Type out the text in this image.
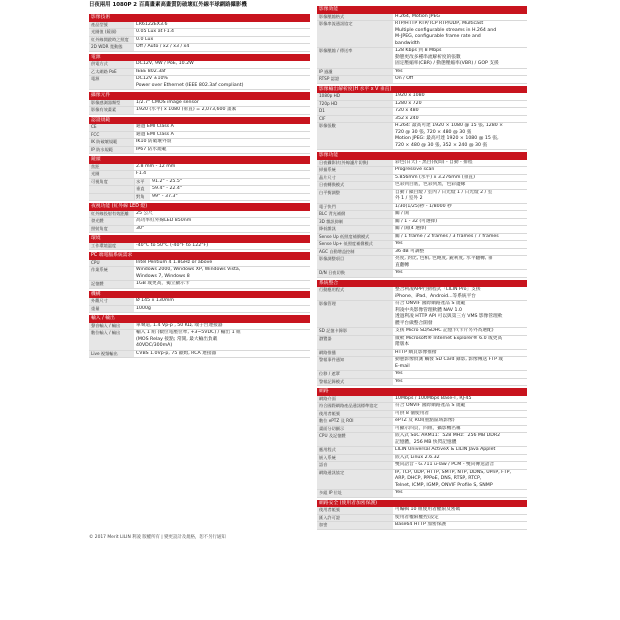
日夜兩用 1080P 2 百萬畫素高畫質防破壞紅外線半球網路攝影機
影像技術
產品型號	LR6122EX3.6
光圈值 (鏡頭)	0.05 Lux at F1.4
紅外線開啟時之照度	0.0 Lux
2D WDR 寬動態	Off / Auto / x2 / x3 / x4
電源
供電方式	DC12V, 9W / PoE, 10.2W
乙太網路 PoE	IEEE 802.3af
電源	DC12V ±10%
Power over Ethernet (IEEE 802.3af compliant)
攝像元件
影像感測器類型	1/2.7" CMOS image sensor
影像有效畫素	1920 (水平) x 1080 (垂直) = 2,073,600 畫素
認證規範
CE	通過 EMI Class A
FCC	通過 EMI Class A
IK 防破壞規範	IK10 防破壞外殼
IP 防水規範	IP67 防水規範
鏡頭
焦距	2.8 mm - 12 mm
光圈	F1.4
可視角度	水平	91.2° - 25.5°
垂直	59.4° - 22.4°
對角	99° - 37.3°
夜視功能 (紅外線 LED 燈)
紅外線投射有效距離	25 公尺
發光體	高功率紅外線LED 850nm
照射角度	30°
環境
工作環境溫度	-40°C to 50°C (-40°F to 122°F)
PC 端電腦系統需求
CPU	Intel Pentium 4 1.8GHz or above
作業系統	Windows 2000, Windows XP, Windows Vista,
Windows 7, Windows 8
記憶體	1GB 或更高，獨立顯示卡
機構
外觀尺寸	Ø 145 x 130mm
重量	1000g
輸入 / 輸出
聲音輸入 / 輸出	單聲道, 1.4 Vp-p , 50 KΩ, 端子台連接器
數位輸入 / 輸出	輸入 1 組 (數位電壓位準, +3~5VDC) / 輸出 1 組
(MOS Relay 接點; 常開, 最大輸出負載
40VDC/300mA)
Live 視頻輸出	CVBS 1.0Vp-p, 75 歐姆, RCA 連接器
影像效能
影像壓縮格式	H.264, Motion JPEG
影像串流通訊協定	RTP/HTTP RTP/TCP RTP/UDP, Multicast
Multiple configurable streams in H.264 and
M-JPEG, configurable frame rate and
bandwidth
影像壓縮 / 傳送率	128 Kbps 到 8 Mbps
動態更改多種串流解析度的張數
固定壓縮率(CBR) / 動態壓縮率(VBR) / GOP 支援
IP 過濾	Yes
RTSP 認證	On / Off
影像輸出解析度(H 水平 x V 垂直)
1080p HD	1920 x 1080
720p HD	1280 x 720
D1	720 x 480
CIF	352 x 240
影像張數	H.264: 最高可達 1920 × 1080 @ 15 張, 1280 ×
720 @ 30 張, 720 × 480 @ 30 張
Motion JPEG: 最高可達 1920 × 1080 @ 15 張,
720 × 480 @ 30 張, 352 × 240 @ 30 張
影像功能
日夜攝影(紅外線濾片切換)	彩色(日天) - 黑白(夜間) - 自動 - 排程
掃描系統	Progressive scan
晶片尺寸	5.856mm (水平) x 3.276mm (垂直)
日夜轉換模式	色彩到白底，色彩到黑，色彩邊緣
白平衡調整	自動 / 鎖白燈 / 室內 / 日光燈 1 / 日光燈 2 / 室
外 1 / 室外 2
電子快門	1/30(1/25)秒 - 1/8000 秒
BLC 背光補償	關 / 開
3D 雜訊抑制	關 / 1 - 32 (可選擇)
降低雜訊	關 / 開(4 選擇)
Sense Up 低照度補償模式	關 / 1 frame / 2 frames / 3 frames / 7 frames
Sense Up+ 低照度補償模式	Yes
AGC 自動增益控制	36 dB 可調整
影像調整項目	亮度, 對比, 色相, 色飽度, 銳利度, 水平翻轉, 垂
直翻轉
D/N 日夜切換	Yes
系統整合
行動應用程式	整合利凌APP行動程式「LILIN Pro」支援
iPhone、iPad、Android...等系統平台
影像管理	符合 ONVIF 國際網路產品 S 規範
利凌中央影像管理軟體 NAV 1.0
透過利凌 HTTP API 可以與第三方 VMS 影像管理軟
體平台做整合開發
SD 記憶卡錄影	支援 Micro SD/SDHC 記憶卡(卡片另外為選配)
瀏覽器	微軟 Microsoft® Internet Explorer® 6.0 或更高
階版本
網路推播	HTTP 網頁影像推撥
警報事件通知	動態影像偵測 觸發 SD Card 錄影, 影像傳送 FTP 或
E-mail
位移 / 遮罩	Yes
警報記錄模式	Yes
網路
網路介面	10Mbps / 100Mbps Base-T, RJ-45
符合國際網路產品通訊標準協定	符合 ONVIF 國際網路產品 S 規範
使用者帳號	可供 8 個使用者
數位 ePTZ 及 ROI	ePTZ 及 ROI(重點區域影像)
畫面分切顯示	可顯示四頁，四組，攝影機名稱
CPU 及記憶體	嵌入式 SoC ARM11：528 MHz：256 MB DDR2
記憶體，256 MB 快閃記憶體
應用程式	LILIN Universal ActiveX & LILIN Java Applet
嵌入系統	嵌入式 Linux 2.6.32
語音	雙向語音 - G.711 u-law / PCM - 雙向傳送語音
網路通訊協定	IP, TCP, UDP, HTTP, SMTP, NTP, DDNS, UPnP, FTP,
ARP, DHCP, PPPoE, DNS, RTSP, RTCP,
Telnet, ICMP, IGMP, ONVIF Profile S, SNMP
多組 IP 位址	Yes
網路安全 (使用者加密保護)
使用者帳號	可編輯 10 組使用者權限及密碼
匯入許可證	使用者權限權控/設定
加密	Base64 HTTP 加密保護
© 2017 Merit LILIN 利凌 版權所有 | 變更設計及規格，恕不另行通知
